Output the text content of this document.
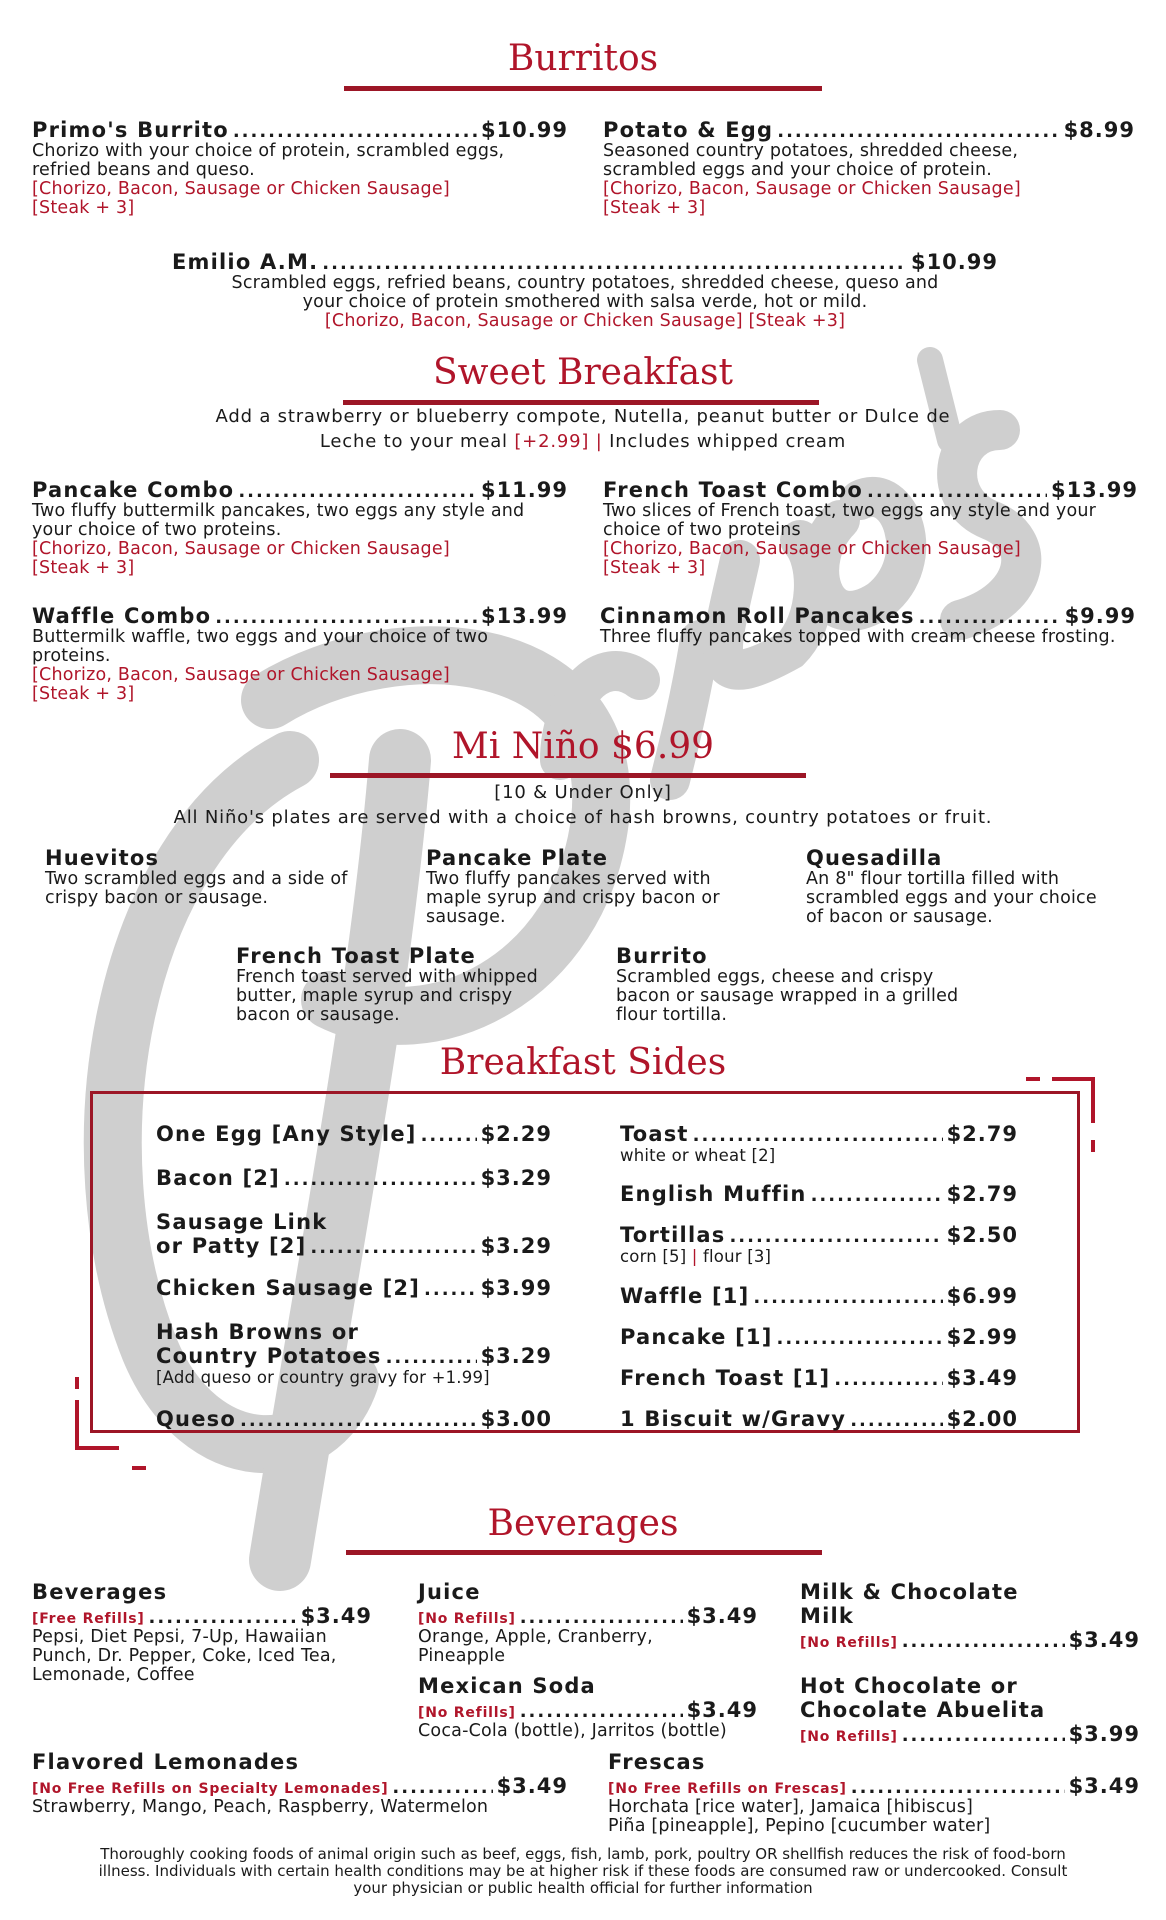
Burritos
Primo's Burrito .....	$10.99
Chorizo with your choice of protein, scrambled eggs, refried beans and queso.
[Chorizo, Bacon, Sausage or Chicken Sausage]
[Steak + 3]
Potato & Egg .....	$8.99
Seasoned country potatoes, shredded cheese, scrambled eggs and your choice of protein.
[Chorizo, Bacon, Sausage or Chicken Sausage]
[Steak + 3]
Emilio A.M. .....	$10.99
Scrambled eggs, refried beans, country potatoes, shredded cheese, queso and
your choice of protein smothered with salsa verde, hot or mild.
[Chorizo, Bacon, Sausage or Chicken Sausage] [Steak +3]
Sweet Breakfast
Add a strawberry or blueberry compote, Nutella, peanut butter or Dulce de
Leche to your meal [+2.99] | Includes whipped cream
Pancake Combo .....	$11.99
Two fluffy buttermilk pancakes, two eggs any style and your choice of two proteins.
[Chorizo, Bacon, Sausage or Chicken Sausage]
[Steak + 3]
French Toast Combo .....	$13.99
Two slices of French toast, two eggs any style and your choice of two proteins
[Chorizo, Bacon, Sausage or Chicken Sausage]
[Steak + 3]
Waffle Combo .....	$13.99
Buttermilk waffle, two eggs and your choice of two proteins.
[Chorizo, Bacon, Sausage or Chicken Sausage]
[Steak + 3]
Cinnamon Roll Pancakes .....	$9.99
Three fluffy pancakes topped with cream cheese frosting.
Mi Niño $6.99
[10 & Under Only]
All Niño's plates are served with a choice of hash browns, country potatoes or fruit.
Huevitos
Two scrambled eggs and a side of crispy bacon or sausage.
Pancake Plate
Two fluffy pancakes served with maple syrup and crispy bacon or sausage.
Quesadilla
An 8" flour tortilla filled with scrambled eggs and your choice of bacon or sausage.
French Toast Plate
French toast served with whipped butter, maple syrup and crispy bacon or sausage.
Burrito
Scrambled eggs, cheese and crispy bacon or sausage wrapped in a grilled flour tortilla.
Breakfast Sides
One Egg [Any Style] .....	$2.29
Bacon [2] .....	$3.29
Sausage Link
or Patty [2] .....	$3.29
Chicken Sausage [2] .....	$3.99
Hash Browns or
Country Potatoes .....	$3.29
[Add queso or country gravy for +1.99]
Queso .....	$3.00
Toast .....	$2.79
white or wheat [2]
English Muffin .....	$2.79
Tortillas .....	$2.50
corn [5] | flour [3]
Waffle [1] .....	$6.99
Pancake [1] .....	$2.99
French Toast [1] .....	$3.49
1 Biscuit w/Gravy .....	$2.00
Beverages
Beverages
[Free Refills] .....	$3.49
Pepsi, Diet Pepsi, 7-Up, Hawaiian Punch, Dr. Pepper, Coke, Iced Tea, Lemonade, Coffee
Juice
[No Refills] .....	$3.49
Orange, Apple, Cranberry, Pineapple
Milk & Chocolate
Milk
[No Refills] .....	$3.49
Mexican Soda
[No Refills] .....	$3.49
Coca-Cola (bottle), Jarritos (bottle)
Hot Chocolate or
Chocolate Abuelita
[No Refills] .....	$3.99
Flavored Lemonades
[No Free Refills on Specialty Lemonades] .....	$3.49
Strawberry, Mango, Peach, Raspberry, Watermelon
Frescas
[No Free Refills on Frescas] .....	$3.49
Horchata [rice water], Jamaica [hibiscus]
Piña [pineapple], Pepino [cucumber water]
Thoroughly cooking foods of animal origin such as beef, eggs, fish, lamb, pork, poultry OR shellfish reduces the risk of food-born illness. Individuals with certain health conditions may be at higher risk if these foods are consumed raw or undercooked. Consult your physician or public health official for further information
